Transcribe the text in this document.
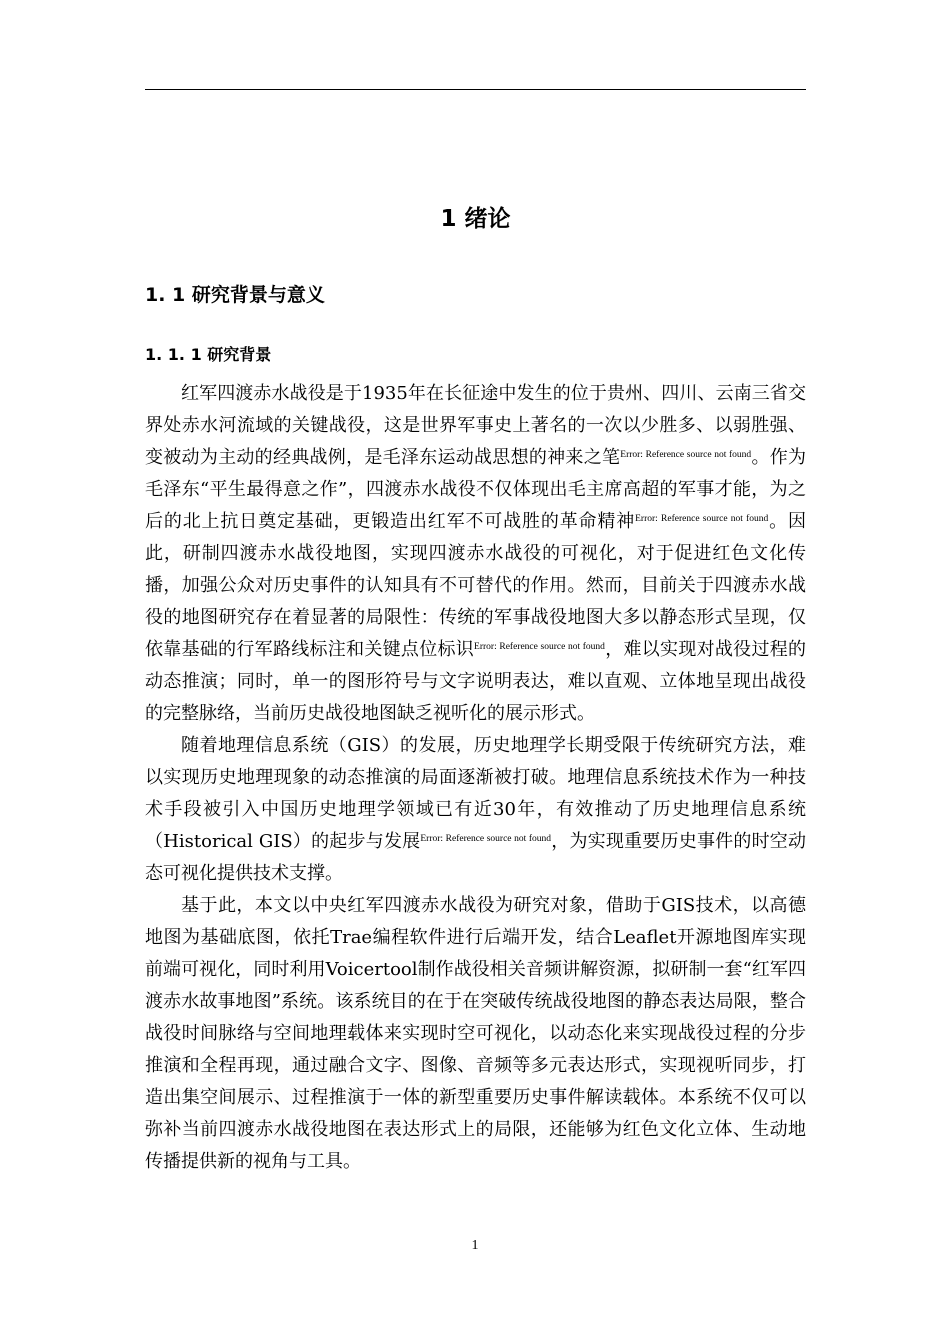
1 绪论
1. 1 研究背景与意义
1. 1. 1 研究背景

红军四渡赤水战役是于1935年在长征途中发生的位于贵州、四川、云南三省交界处赤水河流域的关键战役，这是世界军事史上著名的一次以少胜多、以弱胜强、变被动为主动的经典战例，是毛泽东运动战思想的神来之笔$^{Error: Reference source not found}$。作为毛泽东“平生最得意之作”，四渡赤水战役不仅体现出毛主席高超的军事才能，为之后的北上抗日奠定基础，更锻造出红军不可战胜的革命精神$^{Error: Reference source not found}$。因此，研制四渡赤水战役地图，实现四渡赤水战役的可视化，对于促进红色文化传播，加强公众对历史事件的认知具有不可替代的作用。然而，目前关于四渡赤水战役的地图研究存在着显著的局限性：传统的军事战役地图大多以静态形式呈现，仅依靠基础的行军路线标注和关键点位标识$^{Error: Reference source not found}$，难以实现对战役过程的动态推演；同时，单一的图形符号与文字说明表达，难以直观、立体地呈现出战役的完整脉络，当前历史战役地图缺乏视听化的展示形式。

随着地理信息系统（GIS）的发展，历史地理学长期受限于传统研究方法，难以实现历史地理现象的动态推演的局面逐渐被打破。地理信息系统技术作为一种技术手段被引入中国历史地理学领域已有近30年，有效推动了历史地理信息系统（Historical GIS）的起步与发展$^{Error: Reference source not found}$，为实现重要历史事件的时空动态可视化提供技术支撑。

基于此，本文以中央红军四渡赤水战役为研究对象，借助于GIS技术，以高德地图为基础底图，依托Trae编程软件进行后端开发，结合Leaflet开源地图库实现前端可视化，同时利用Voicertool制作战役相关音频讲解资源，拟研制一套“红军四渡赤水故事地图”系统。该系统目的在于在突破传统战役地图的静态表达局限，整合战役时间脉络与空间地理载体来实现时空可视化，以动态化来实现战役过程的分步推演和全程再现，通过融合文字、图像、音频等多元表达形式，实现视听同步，打造出集空间展示、过程推演于一体的新型重要历史事件解读载体。本系统不仅可以弥补当前四渡赤水战役地图在表达形式上的局限，还能够为红色文化立体、生动地传播提供新的视角与工具。

1
